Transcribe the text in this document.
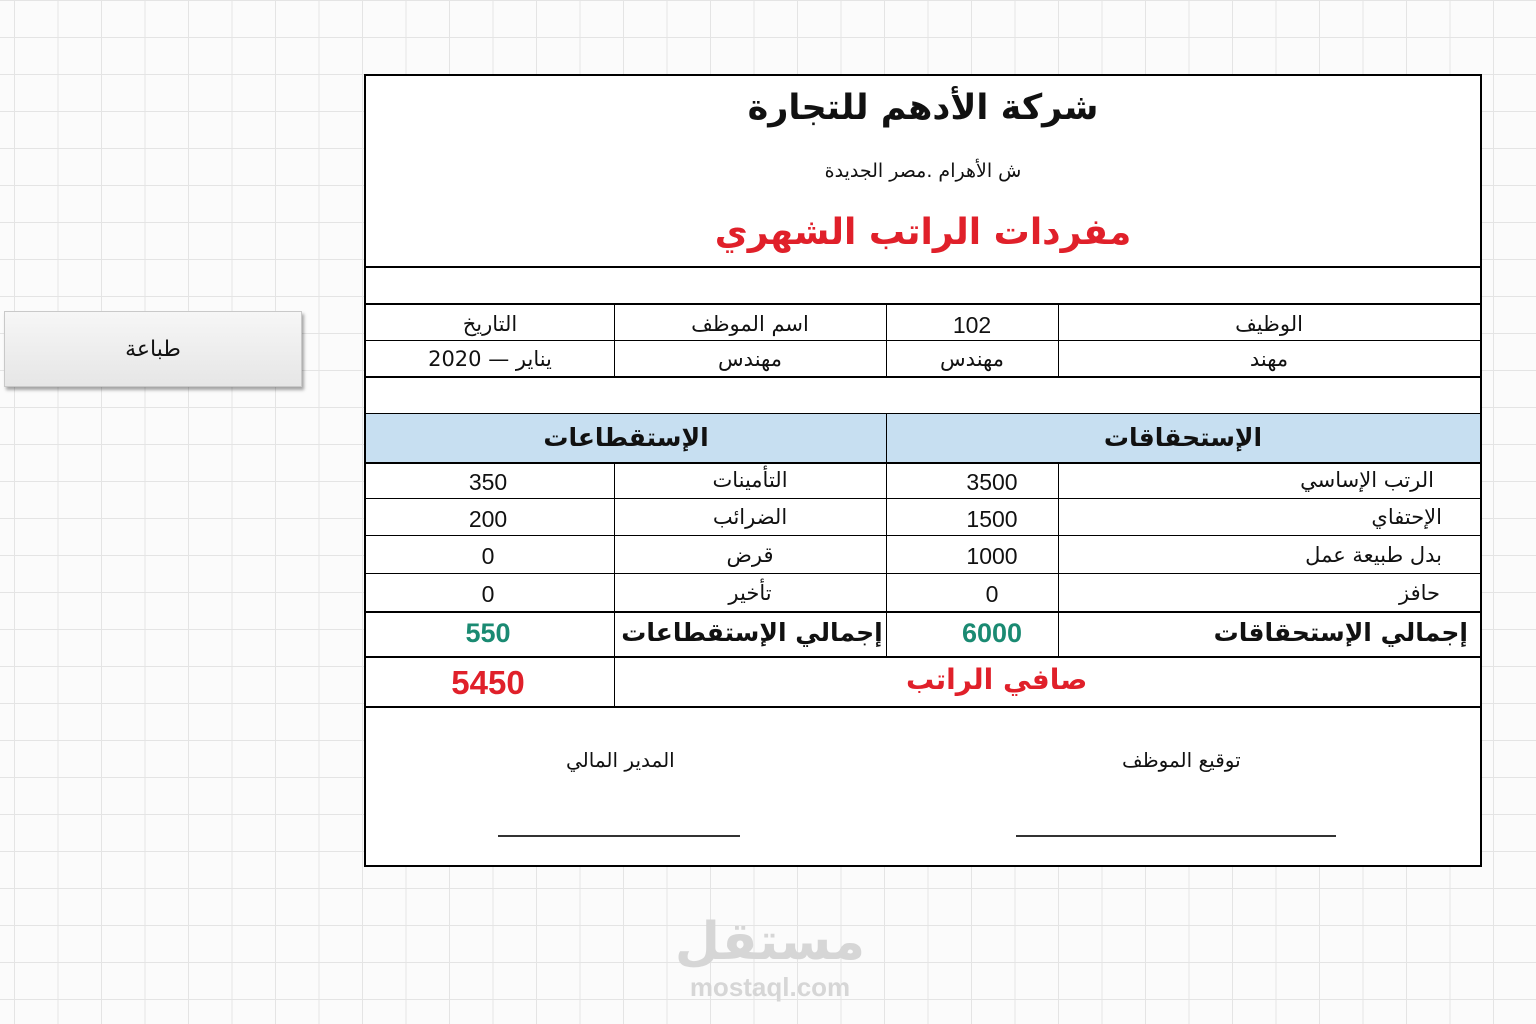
طباعة
شركة الأدهم للتجارة
ش الأهرام .مصر الجديدة
مفردات الراتب الشهري
الوظيف
102
اسم الموظف
التاريخ
مهند
مهندس
مهندس
يناير — 2020
الإستحقاقات
الإستقطاعات
الرتب الإساسي
الإحتفاي
بدل طبيعة عمل
حافز
3500
1500
1000
0
التأمينات
الضرائب
قرض
تأخير
350
200
0
0
إجمالي الإستحقاقات
6000
إجمالي الإستقطاعات
550
صافي الراتب
5450
توقيع الموظف
المدير المالي
مستقل
mostaql.com
